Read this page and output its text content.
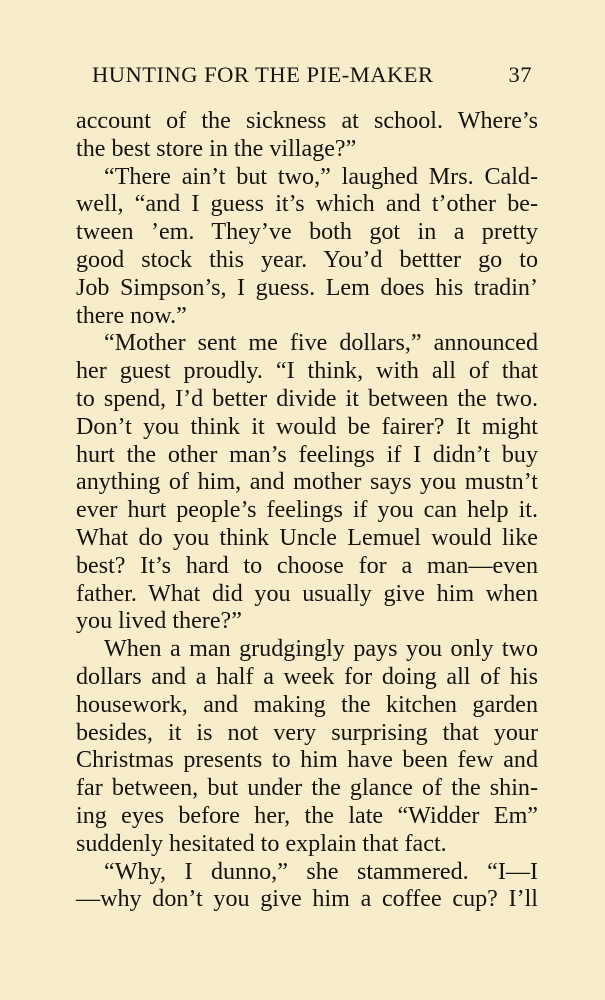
HUNTING FOR THE PIE-MAKER	37
account of the sickness at school. Where’s
the best store in the village?”
“There ain’t but two,” laughed Mrs. Cald-
well, “and I guess it’s which and t’other be-
tween ’em. They’ve both got in a pretty
good stock this year. You’d bettter go to
Job Simpson’s, I guess. Lem does his tradin’
there now.”
“Mother sent me five dollars,” announced
her guest proudly. “I think, with all of that
to spend, I’d better divide it between the two.
Don’t you think it would be fairer? It might
hurt the other man’s feelings if I didn’t buy
anything of him, and mother says you mustn’t
ever hurt people’s feelings if you can help it.
What do you think Uncle Lemuel would like
best? It’s hard to choose for a man—even
father. What did you usually give him when
you lived there?”
When a man grudgingly pays you only two
dollars and a half a week for doing all of his
housework, and making the kitchen garden
besides, it is not very surprising that your
Christmas presents to him have been few and
far between, but under the glance of the shin-
ing eyes before her, the late “Widder Em”
suddenly hesitated to explain that fact.
“Why, I dunno,” she stammered. “I—I
—why don’t you give him a coffee cup? I’ll
